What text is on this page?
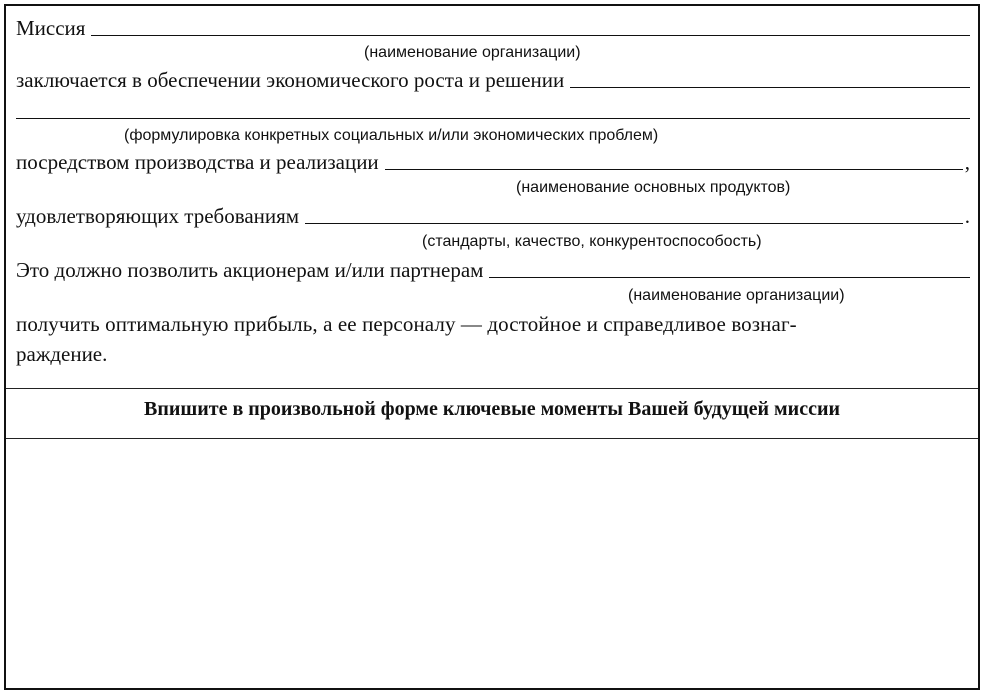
Миссия
(наименование организации)
заключается в обеспечении экономического роста и решении
(формулировка конкретных социальных и/или экономических проблем)
посредством производства и реализации	,
(наименование основных продуктов)
удовлетворяющих требованиям	.
(стандарты, качество, конкурентоспособость)
Это должно позволить акционерам и/или партнерам
(наименование организации)
получить оптимальную прибыль, а ее персоналу — достойное и справедливое вознаг-
раждение.
Впишите в произвольной форме ключевые моменты Вашей будущей миссии
